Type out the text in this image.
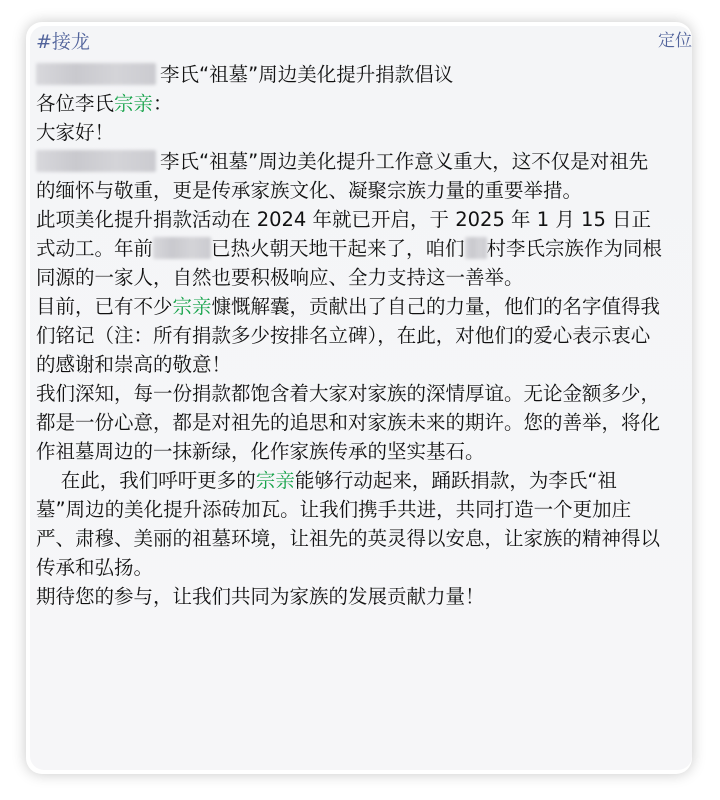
#接龙	定位

李氏“祖墓”周边美化提升捐款倡议

各位李氏宗亲：

大家好！

李氏“祖墓”周边美化提升工作意义重大，这不仅是对祖先的缅怀与敬重，更是传承家族文化、凝聚宗族力量的重要举措。

此项美化提升捐款活动在 2024 年就已开启，于 2025 年 1 月 15 日正式动工。年前	已热火朝天地干起来了，咱们 村李氏宗族作为同根同源的一家人，自然也要积极响应、全力支持这一善举。

目前，已有不少宗亲慷慨解囊，贡献出了自己的力量，他们的名字值得我们铭记（注：所有捐款多少按排名立碑），在此，对他们的爱心表示衷心的感谢和崇高的敬意！

我们深知，每一份捐款都饱含着大家对家族的深情厚谊。无论金额多少，都是一份心意，都是对祖先的追思和对家族未来的期许。您的善举，将化作祖墓周边的一抹新绿，化作家族传承的坚实基石。

在此，我们呼吁更多的宗亲能够行动起来，踊跃捐款，为李氏“祖墓”周边的美化提升添砖加瓦。让我们携手共进，共同打造一个更加庄严、肃穆、美丽的祖墓环境，让祖先的英灵得以安息，让家族的精神得以传承和弘扬。

期待您的参与，让我们共同为家族的发展贡献力量！
